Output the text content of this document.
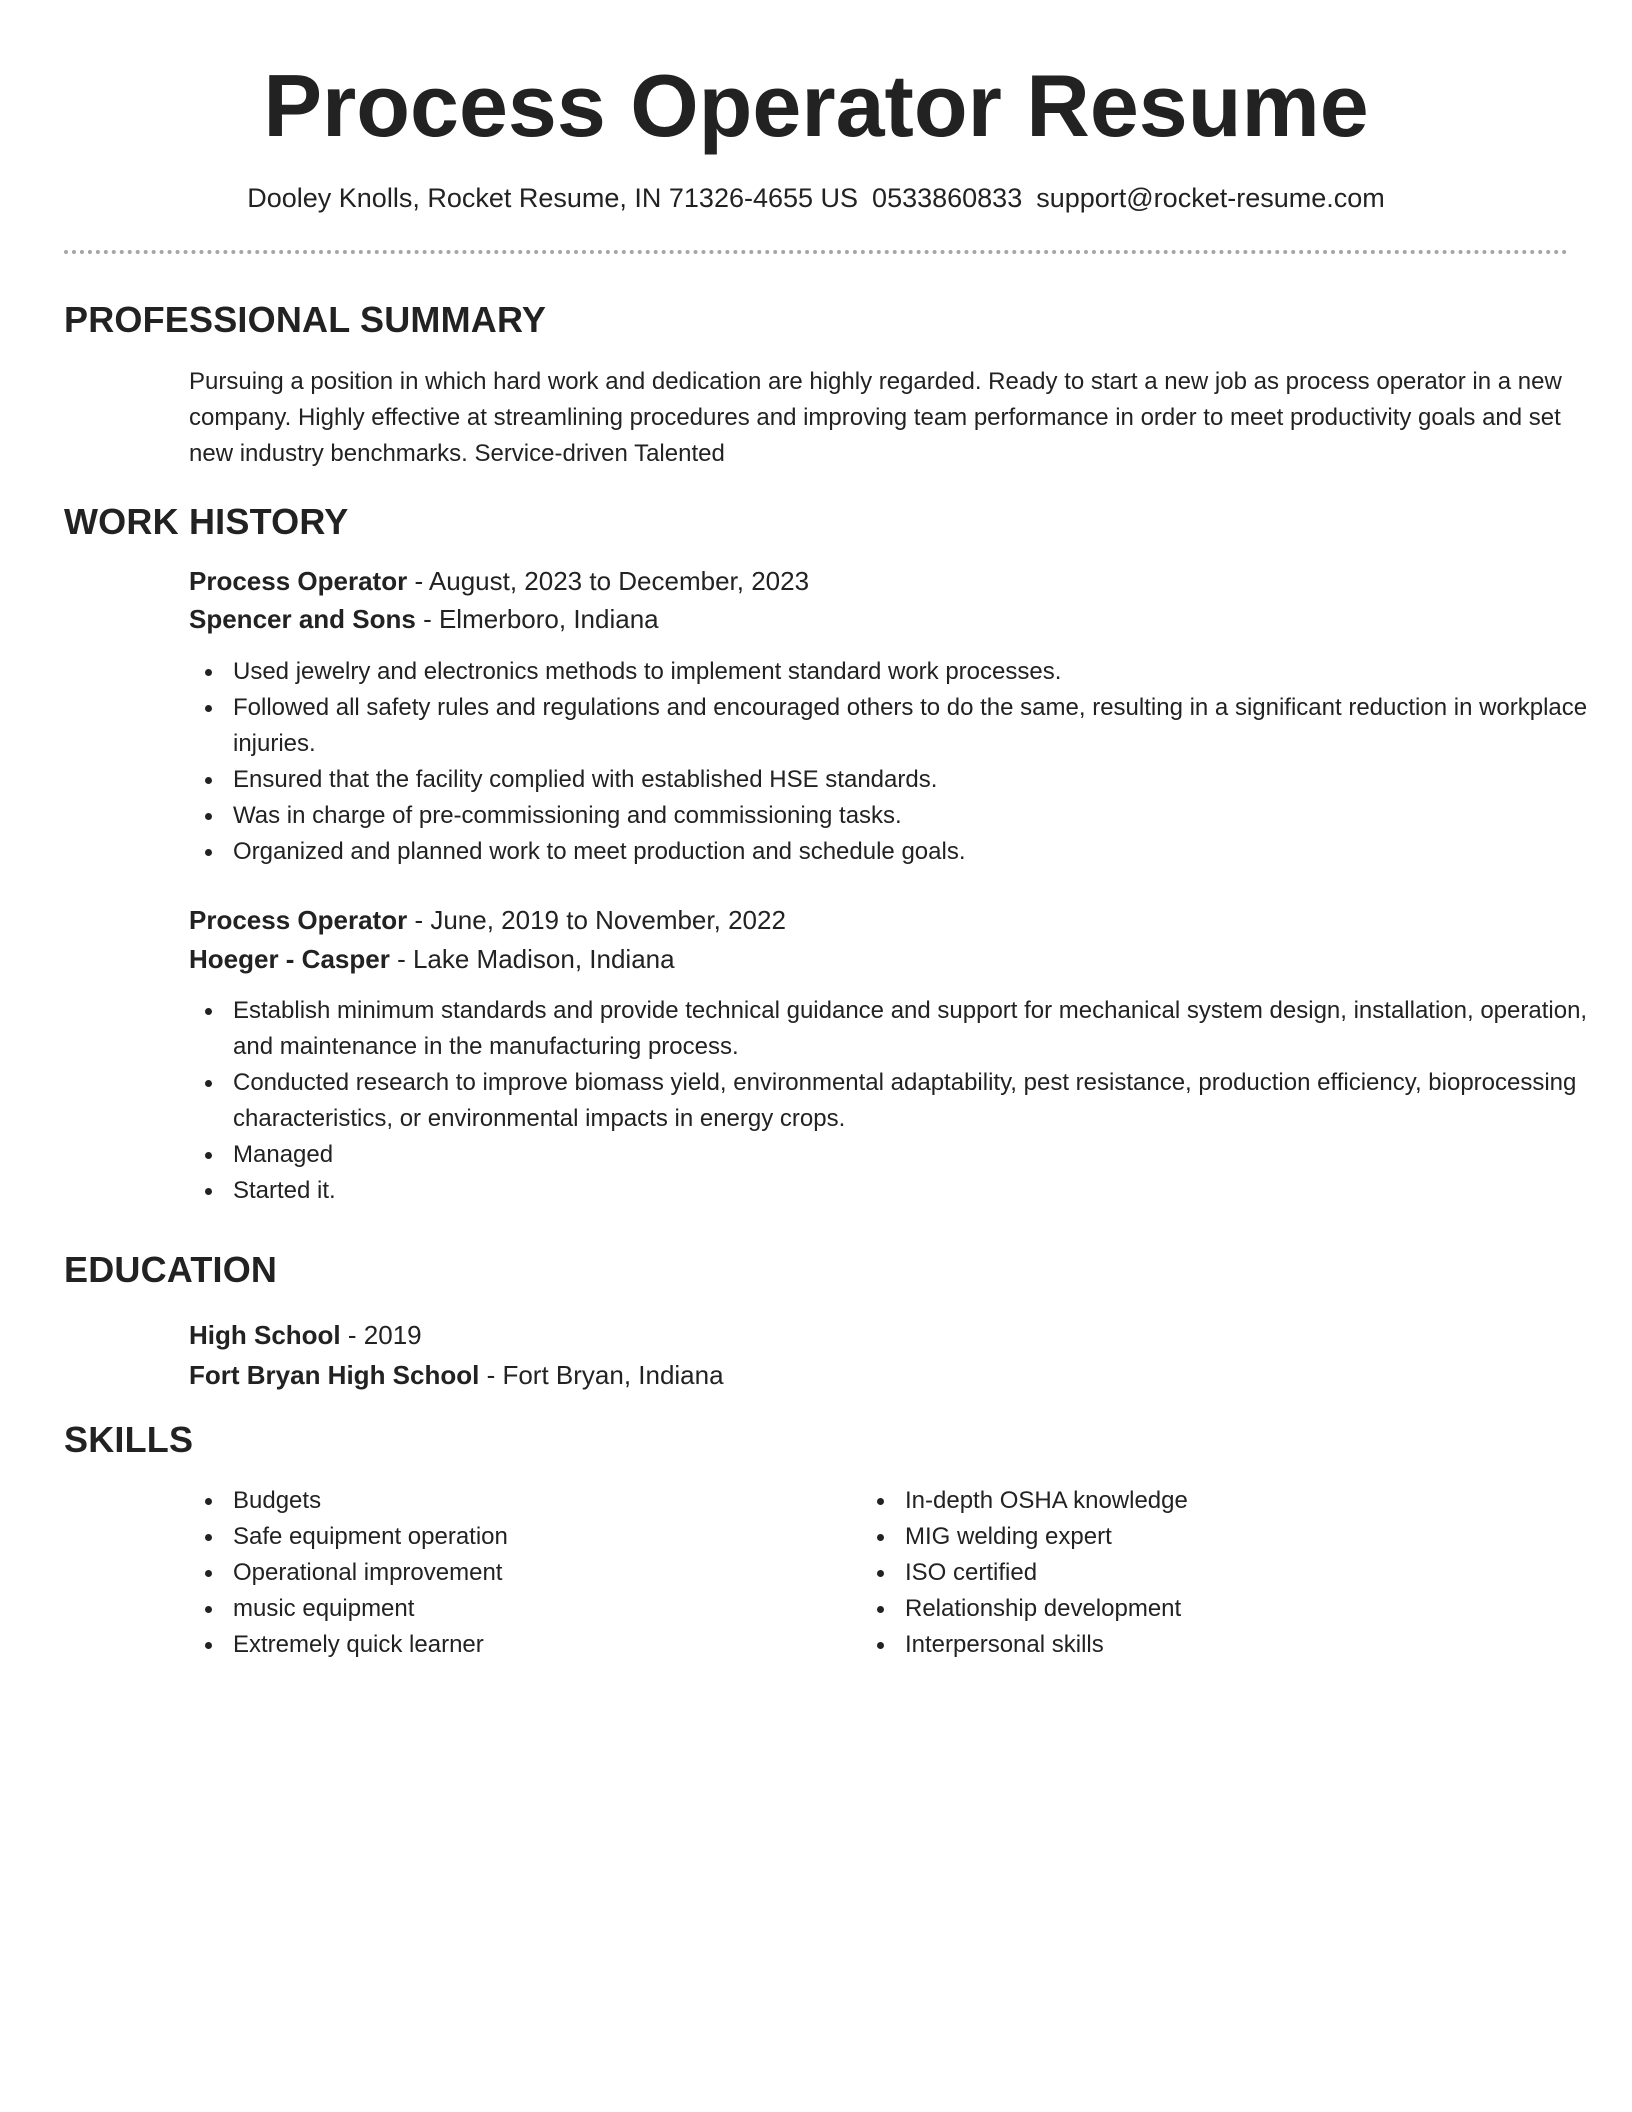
Process Operator Resume
Dooley Knolls, Rocket Resume, IN 71326-4655 US 0533860833 support@rocket-resume.com
PROFESSIONAL SUMMARY
Pursuing a position in which hard work and dedication are highly regarded. Ready to start a new job as process operator in a new company. Highly effective at streamlining procedures and improving team performance in order to meet productivity goals and set new industry benchmarks. Service-driven Talented
WORK HISTORY
Process Operator - August, 2023 to December, 2023
Spencer and Sons - Elmerboro, Indiana
Used jewelry and electronics methods to implement standard work processes.
Followed all safety rules and regulations and encouraged others to do the same, resulting in a significant reduction in workplace injuries.
Ensured that the facility complied with established HSE standards.
Was in charge of pre-commissioning and commissioning tasks.
Organized and planned work to meet production and schedule goals.
Process Operator - June, 2019 to November, 2022
Hoeger - Casper - Lake Madison, Indiana
Establish minimum standards and provide technical guidance and support for mechanical system design, installation, operation, and maintenance in the manufacturing process.
Conducted research to improve biomass yield, environmental adaptability, pest resistance, production efficiency, bioprocessing characteristics, or environmental impacts in energy crops.
Managed
Started it.
EDUCATION
High School - 2019
Fort Bryan High School - Fort Bryan, Indiana
SKILLS
Budgets
Safe equipment operation
Operational improvement
music equipment
Extremely quick learner
In-depth OSHA knowledge
MIG welding expert
ISO certified
Relationship development
Interpersonal skills
